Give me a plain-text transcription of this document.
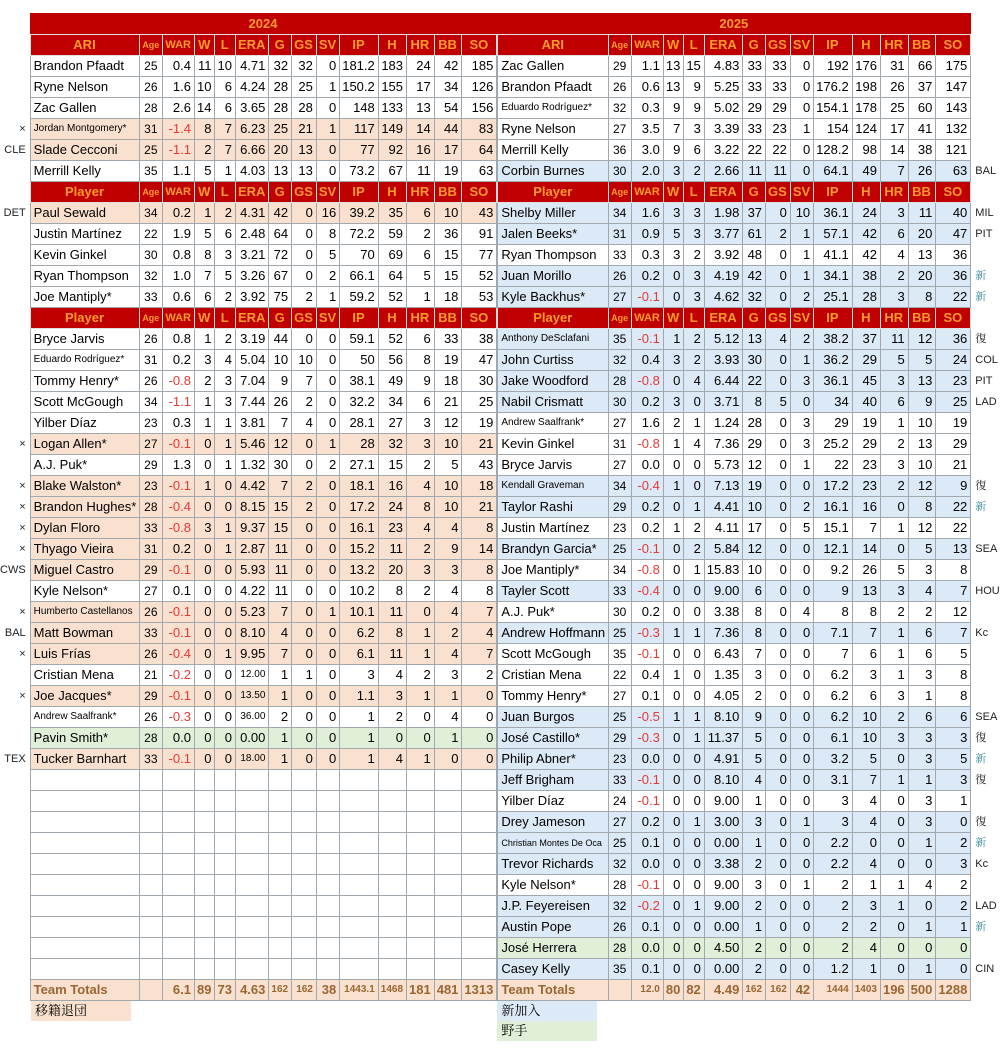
	2024													
	ARI	Age	WAR	W	L	ERA	G	GS	SV	IP	H	HR	BB	SO
	Brandon Pfaadt	25	0.4	11	10	4.71	32	32	0	181.2	183	24	42	185
	Ryne Nelson	26	1.6	10	6	4.24	28	25	1	150.2	155	17	34	126
	Zac Gallen	28	2.6	14	6	3.65	28	28	0	148	133	13	54	156
×	Jordan Montgomery*	31	-1.4	8	7	6.23	25	21	1	117	149	14	44	83
CLE	Slade Cecconi	25	-1.1	2	7	6.66	20	13	0	77	92	16	17	64
	Merrill Kelly	35	1.1	5	1	4.03	13	13	0	73.2	67	11	19	63
	Player	Age	WAR	W	L	ERA	G	GS	SV	IP	H	HR	BB	SO
DET	Paul Sewald	34	0.2	1	2	4.31	42	0	16	39.2	35	6	10	43
	Justin Martínez	22	1.9	5	6	2.48	64	0	8	72.2	59	2	36	91
	Kevin Ginkel	30	0.8	8	3	3.21	72	0	5	70	69	6	15	77
	Ryan Thompson	32	1.0	7	5	3.26	67	0	2	66.1	64	5	15	52
	Joe Mantiply*	33	0.6	6	2	3.92	75	2	1	59.2	52	1	18	53
	Player	Age	WAR	W	L	ERA	G	GS	SV	IP	H	HR	BB	SO
	Bryce Jarvis	26	0.8	1	2	3.19	44	0	0	59.1	52	6	33	38
	Eduardo Rodríguez*	31	0.2	3	4	5.04	10	10	0	50	56	8	19	47
	Tommy Henry*	26	-0.8	2	3	7.04	9	7	0	38.1	49	9	18	30
	Scott McGough	34	-1.1	1	3	7.44	26	2	0	32.2	34	6	21	25
	Yilber Díaz	23	0.3	1	1	3.81	7	4	0	28.1	27	3	12	19
×	Logan Allen*	27	-0.1	0	1	5.46	12	0	1	28	32	3	10	21
	A.J. Puk*	29	1.3	0	1	1.32	30	0	2	27.1	15	2	5	43
×	Blake Walston*	23	-0.1	1	0	4.42	7	2	0	18.1	16	4	10	18
×	Brandon Hughes*	28	-0.4	0	0	8.15	15	2	0	17.2	24	8	10	21
×	Dylan Floro	33	-0.8	3	1	9.37	15	0	0	16.1	23	4	4	8
×	Thyago Vieira	31	0.2	0	1	2.87	11	0	0	15.2	11	2	9	14
CWS	Miguel Castro	29	-0.1	0	0	5.93	11	0	0	13.2	20	3	3	8
	Kyle Nelson*	27	0.1	0	0	4.22	11	0	0	10.2	8	2	4	8
×	Humberto Castellanos	26	-0.1	0	0	5.23	7	0	1	10.1	11	0	4	7
BAL	Matt Bowman	33	-0.1	0	0	8.10	4	0	0	6.2	8	1	2	4
×	Luis Frías	26	-0.4	0	1	9.95	7	0	0	6.1	11	1	4	7
	Cristian Mena	21	-0.2	0	0	12.00	1	1	0	3	4	2	3	2
×	Joe Jacques*	29	-0.1	0	0	13.50	1	0	0	1.1	3	1	1	0
	Andrew Saalfrank*	26	-0.3	0	0	36.00	2	0	0	1	2	0	4	0
	Pavin Smith*	28	0.0	0	0	0.00	1	0	0	1	0	0	1	0
TEX	Tucker Barnhart	33	-0.1	0	0	18.00	1	0	0	1	4	1	0	0

	Team Totals		6.1	89	73	4.63	162	162	38	1443.1	1468	181	481	1313
移籍退団
2025														
ARI	Age	WAR	W	L	ERA	G	GS	SV	IP	H	HR	BB	SO	
Zac Gallen	29	1.1	13	15	4.83	33	33	0	192	176	31	66	175	
Brandon Pfaadt	26	0.6	13	9	5.25	33	33	0	176.2	198	26	37	147	
Eduardo Rodríguez*	32	0.3	9	9	5.02	29	29	0	154.1	178	25	60	143	
Ryne Nelson	27	3.5	7	3	3.39	33	23	1	154	124	17	41	132	
Merrill Kelly	36	3.0	9	6	3.22	22	22	0	128.2	98	14	38	121	
Corbin Burnes	30	2.0	3	2	2.66	11	11	0	64.1	49	7	26	63	BAL
Player	Age	WAR	W	L	ERA	G	GS	SV	IP	H	HR	BB	SO	
Shelby Miller	34	1.6	3	3	1.98	37	0	10	36.1	24	3	11	40	MIL
Jalen Beeks*	31	0.9	5	3	3.77	61	2	1	57.1	42	6	20	47	PIT
Ryan Thompson	33	0.3	3	2	3.92	48	0	1	41.1	42	4	13	36	
Juan Morillo	26	0.2	0	3	4.19	42	0	1	34.1	38	2	20	36	新
Kyle Backhus*	27	-0.1	0	3	4.62	32	0	2	25.1	28	3	8	22	新
Player	Age	WAR	W	L	ERA	G	GS	SV	IP	H	HR	BB	SO	
Anthony DeSclafani	35	-0.1	1	2	5.12	13	4	2	38.2	37	11	12	36	復
John Curtiss	32	0.4	3	2	3.93	30	0	1	36.2	29	5	5	24	COL
Jake Woodford	28	-0.8	0	4	6.44	22	0	3	36.1	45	3	13	23	PIT
Nabil Crismatt	30	0.2	3	0	3.71	8	5	0	34	40	6	9	25	LAD
Andrew Saalfrank*	27	1.6	2	1	1.24	28	0	3	29	19	1	10	19	
Kevin Ginkel	31	-0.8	1	4	7.36	29	0	3	25.2	29	2	13	29	
Bryce Jarvis	27	0.0	0	0	5.73	12	0	1	22	23	3	10	21	
Kendall Graveman	34	-0.4	1	0	7.13	19	0	0	17.2	23	2	12	9	復
Taylor Rashi	29	0.2	0	1	4.41	10	0	2	16.1	16	0	8	22	新
Justin Martínez	23	0.2	1	2	4.11	17	0	5	15.1	7	1	12	22	
Brandyn Garcia*	25	-0.1	0	2	5.84	12	0	0	12.1	14	0	5	13	SEA
Joe Mantiply*	34	-0.8	0	1	15.83	10	0	0	9.2	26	5	3	8	
Tayler Scott	33	-0.4	0	0	9.00	6	0	0	9	13	3	4	7	HOU
A.J. Puk*	30	0.2	0	0	3.38	8	0	4	8	8	2	2	12	
Andrew Hoffmann	25	-0.3	1	1	7.36	8	0	0	7.1	7	1	6	7	Kc
Scott McGough	35	-0.1	0	0	6.43	7	0	0	7	6	1	6	5	
Cristian Mena	22	0.4	1	0	1.35	3	0	0	6.2	3	1	3	8	
Tommy Henry*	27	0.1	0	0	4.05	2	0	0	6.2	6	3	1	8	
Juan Burgos	25	-0.5	1	1	8.10	9	0	0	6.2	10	2	6	6	SEA
José Castillo*	29	-0.3	0	1	11.37	5	0	0	6.1	10	3	3	3	復
Philip Abner*	23	0.0	0	0	4.91	5	0	0	3.2	5	0	3	5	新
Jeff Brigham	33	-0.1	0	0	8.10	4	0	0	3.1	7	1	1	3	復
Yilber Díaz	24	-0.1	0	0	9.00	1	0	0	3	4	0	3	1	
Drey Jameson	27	0.2	0	1	3.00	3	0	1	3	4	0	3	0	復
Christian Montes De Oca	25	0.1	0	0	0.00	1	0	0	2.2	0	0	1	2	新
Trevor Richards	32	0.0	0	0	3.38	2	0	0	2.2	4	0	0	3	Kc
Kyle Nelson*	28	-0.1	0	0	9.00	3	0	1	2	1	1	4	2	
J.P. Feyereisen	32	-0.2	0	1	9.00	2	0	0	2	3	1	0	2	LAD
Austin Pope	26	0.1	0	0	0.00	1	0	0	2	2	0	1	1	新
José Herrera	28	0.0	0	0	4.50	2	0	0	2	4	0	0	0	
Casey Kelly	35	0.1	0	0	0.00	2	0	0	1.2	1	0	1	0	CIN
Team Totals		12.0	80	82	4.49	162	162	42	1444	1403	196	500	1288	
新加入
野手
